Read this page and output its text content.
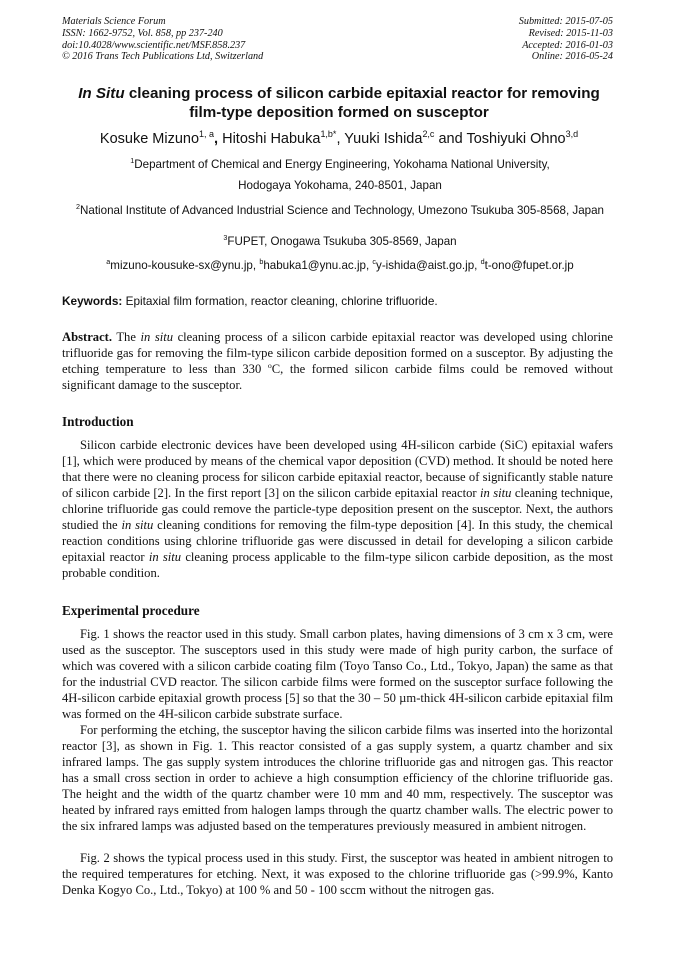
Materials Science Forum
ISSN: 1662-9752, Vol. 858, pp 237-240
doi:10.4028/www.scientific.net/MSF.858.237
© 2016 Trans Tech Publications Ltd, Switzerland
Submitted: 2015-07-05
Revised: 2015-11-03
Accepted: 2016-01-03
Online: 2016-05-24
In Situ cleaning process of silicon carbide epitaxial reactor for removing
film-type deposition formed on susceptor
Kosuke Mizuno$^{1, a}$, Hitoshi Habuka$^{1,b*}$, Yuuki Ishida$^{2,c}$ and Toshiyuki Ohno$^{3,d}$
$^1$Department of Chemical and Energy Engineering, Yokohama National University,
Hodogaya Yokohama, 240-8501, Japan
$^2$National Institute of Advanced Industrial Science and Technology, Umezono Tsukuba 305-8568, Japan
$^3$FUPET, Onogawa Tsukuba 305-8569, Japan
$^a$mizuno-kousuke-sx@ynu.jp, $^b$habuka1@ynu.ac.jp, $^c$y-ishida@aist.go.jp, $^d$t-ono@fupet.or.jp
Keywords: Epitaxial film formation, reactor cleaning, chlorine trifluoride.
Abstract. The in situ cleaning process of a silicon carbide epitaxial reactor was developed using chlorine trifluoride gas for removing the film-type silicon carbide deposition formed on a susceptor. By adjusting the etching temperature to less than 330 $^o$C, the formed silicon carbide films could be removed without significant damage to the susceptor.
Introduction
Silicon carbide electronic devices have been developed using 4H-silicon carbide (SiC) epitaxial wafers [1], which were produced by means of the chemical vapor deposition (CVD) method. It should be noted here that there were no cleaning process for silicon carbide epitaxial reactor, because of significantly stable nature of silicon carbide [2]. In the first report [3] on the silicon carbide epitaxial reactor in situ cleaning technique, chlorine trifluoride gas could remove the particle-type deposition present on the susceptor. Next, the authors studied the in situ cleaning conditions for removing the film-type deposition [4]. In this study, the chemical reaction conditions using chlorine trifluoride gas were discussed in detail for developing a silicon carbide epitaxial reactor in situ cleaning process applicable to the film-type silicon carbide deposition, as the most probable condition.
Experimental procedure
Fig. 1 shows the reactor used in this study. Small carbon plates, having dimensions of 3 cm x 3 cm, were used as the susceptor. The susceptors used in this study were made of high purity carbon, the surface of which was covered with a silicon carbide coating film (Toyo Tanso Co., Ltd., Tokyo, Japan) the same as that for the industrial CVD reactor. The silicon carbide films were formed on the susceptor surface following the 4H-silicon carbide epitaxial growth process [5] so that the 30 – 50 µm-thick 4H-silicon carbide epitaxial film was formed on the 4H-silicon carbide substrate surface.
For performing the etching, the susceptor having the silicon carbide films was inserted into the horizontal reactor [3], as shown in Fig. 1. This reactor consisted of a gas supply system, a quartz chamber and six infrared lamps. The gas supply system introduces the chlorine trifluoride gas and nitrogen gas. This reactor has a small cross section in order to achieve a high consumption efficiency of the chlorine trifluoride gas. The height and the width of the quartz chamber were 10 mm and 40 mm, respectively. The susceptor was heated by infrared rays emitted from halogen lamps through the quartz chamber walls. The electric power to the six infrared lamps was adjusted based on the temperatures previously measured in ambient nitrogen.
Fig. 2 shows the typical process used in this study. First, the susceptor was heated in ambient nitrogen to the required temperatures for etching. Next, it was exposed to the chlorine trifluoride gas (>99.9%, Kanto Denka Kogyo Co., Ltd., Tokyo) at 100 % and 50 - 100 sccm without the nitrogen gas.
